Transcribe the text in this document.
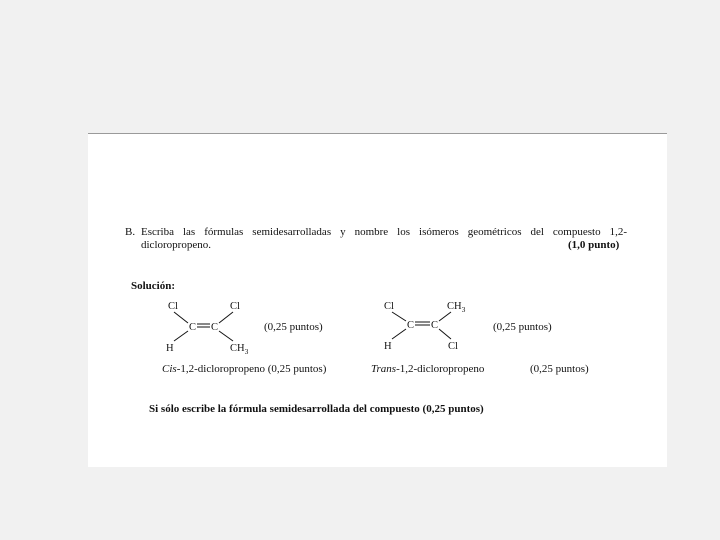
B. Escriba las fórmulas semidesarrolladas y nombre los isómeros geométricos del compuesto 1,2-
dicloropropeno.	(1,0 punto)
Solución:
Cl	Cl
C C
H	$CH_3$
(0,25 puntos)
Cis-1,2-dicloropropeno (0,25 puntos)
Cl	$CH_3$
C C
H	Cl
(0,25 puntos)
Trans-1,2-dicloropropeno	(0,25 puntos)
Si sólo escribe la fórmula semidesarrollada del compuesto (0,25 puntos)
